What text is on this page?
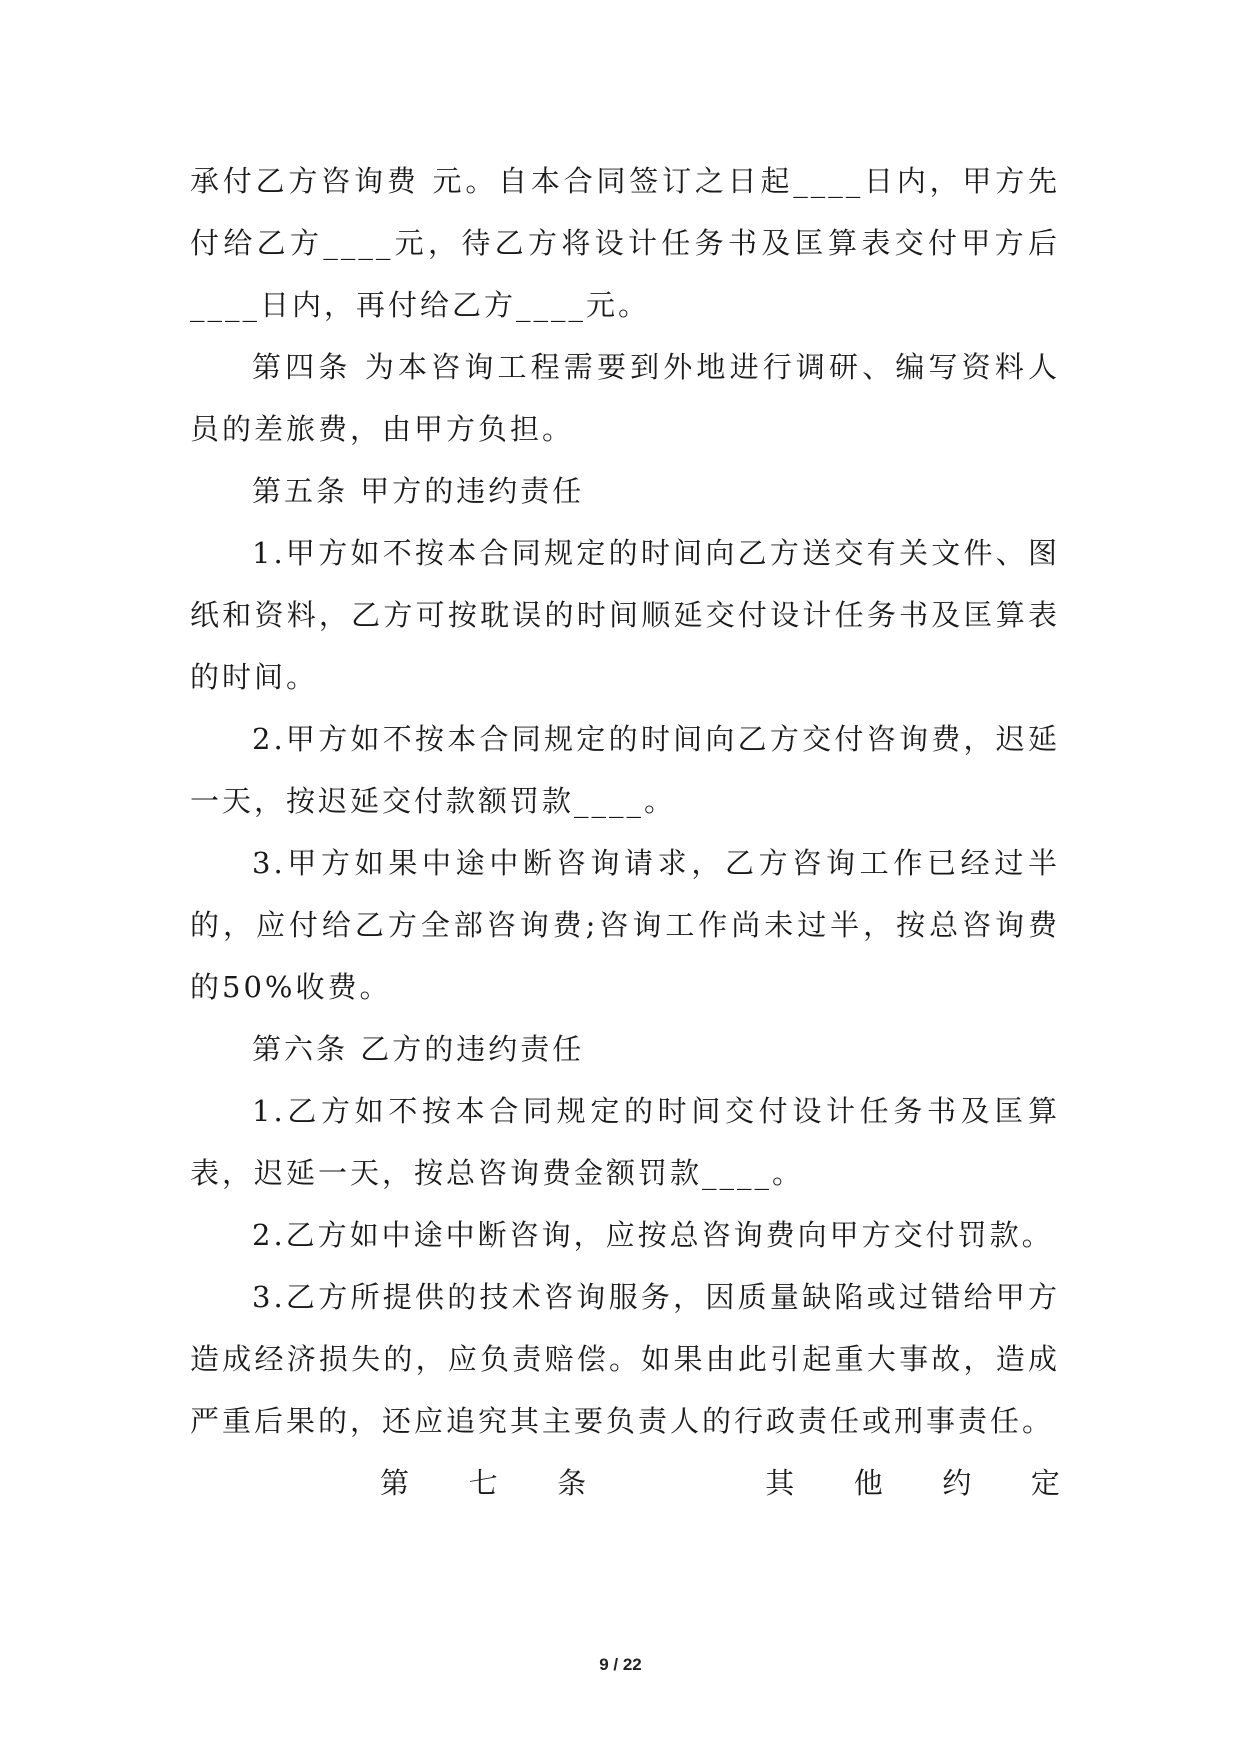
承付乙方咨询费 元。自本合同签订之日起____日内，甲方先付给乙方____元，待乙方将设计任务书及匡算表交付甲方后____日内，再付给乙方____元。

第四条 为本咨询工程需要到外地进行调研、编写资料人员的差旅费，由甲方负担。

第五条 甲方的违约责任

1.甲方如不按本合同规定的时间向乙方送交有关文件、图纸和资料，乙方可按耽误的时间顺延交付设计任务书及匡算表的时间。

2.甲方如不按本合同规定的时间向乙方交付咨询费，迟延一天，按迟延交付款额罚款____。

3.甲方如果中途中断咨询请求，乙方咨询工作已经过半的，应付给乙方全部咨询费;咨询工作尚未过半，按总咨询费的50%收费。

第六条 乙方的违约责任

1.乙方如不按本合同规定的时间交付设计任务书及匡算表，迟延一天，按总咨询费金额罚款____。

2.乙方如中途中断咨询，应按总咨询费向甲方交付罚款。

3.乙方所提供的技术咨询服务，因质量缺陷或过错给甲方造成经济损失的，应负责赔偿。如果由此引起重大事故，造成严重后果的，还应追究其主要负责人的行政责任或刑事责任。

第 七 条	其 他 约 定
9 / 22
